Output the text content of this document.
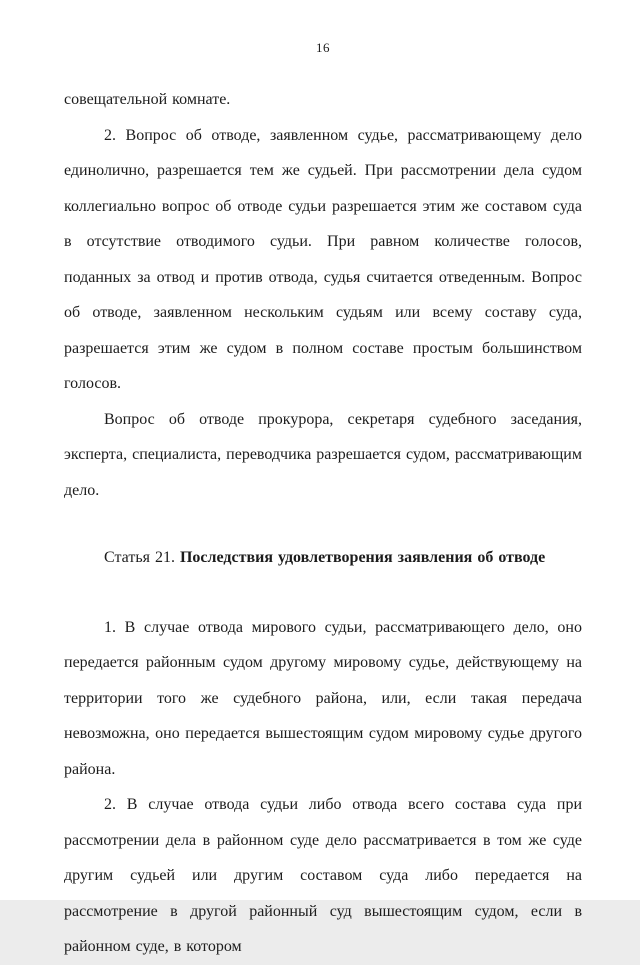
16

совещательной комнате.

2. Вопрос об отводе, заявленном судье, рассматривающему дело единолично, разрешается тем же судьей. При рассмотрении дела судом коллегиально вопрос об отводе судьи разрешается этим же составом суда в отсутствие отводимого судьи. При равном количестве голосов, поданных за отвод и против отвода, судья считается отведенным. Вопрос об отводе, заявленном нескольким судьям или всему составу суда, разрешается этим же судом в полном составе простым большинством голосов.

Вопрос об отводе прокурора, секретаря судебного заседания, эксперта, специалиста, переводчика разрешается судом, рассматривающим дело.

Статья 21. Последствия удовлетворения заявления об отводе

1. В случае отвода мирового судьи, рассматривающего дело, оно передается районным судом другому мировому судье, действующему на территории того же судебного района, или, если такая передача невозможна, оно передается вышестоящим судом мировому судье другого района.

2. В случае отвода судьи либо отвода всего состава суда при рассмотрении дела в районном суде дело рассматривается в том же суде другим судьей или другим составом суда либо передается на рассмотрение в другой районный суд вышестоящим судом, если в районном суде, в котором
